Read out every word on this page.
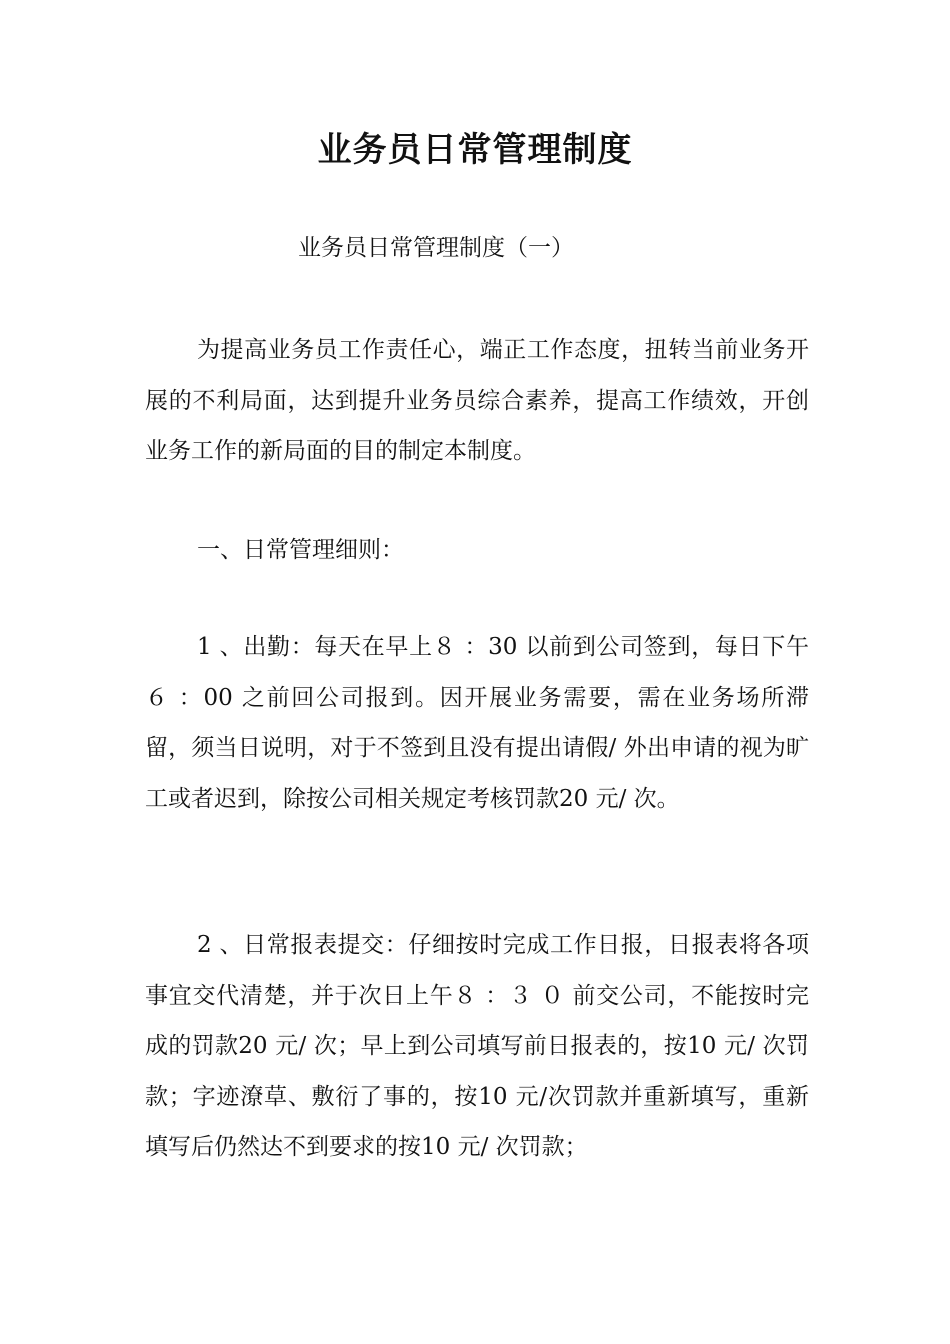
业务员日常管理制度
业务员日常管理制度（一）

为提高业务员工作责任心，端正工作态度，扭转当前业务开展的不利局面，达到提升业务员综合素养，提高工作绩效，开创业务工作的新局面的目的制定本制度。

一、日常管理细则：

1 、出勤：每天在早上８ ：30 以前到公司签到，每日下午６ ：00 之前回公司报到。因开展业务需要，需在业务场所滞留，须当日说明，对于不签到且没有提出请假/ 外出申请的视为旷工或者迟到，除按公司相关规定考核罚款20 元/ 次。

2 、日常报表提交：仔细按时完成工作日报，日报表将各项事宜交代清楚，并于次日上午８ ：３ ０ 前交公司，不能按时完成的罚款20 元/ 次；早上到公司填写前日报表的，按10 元/ 次罚款；字迹潦草、敷衍了事的，按10 元/次罚款并重新填写，重新填写后仍然达不到要求的按10 元/ 次罚款；
